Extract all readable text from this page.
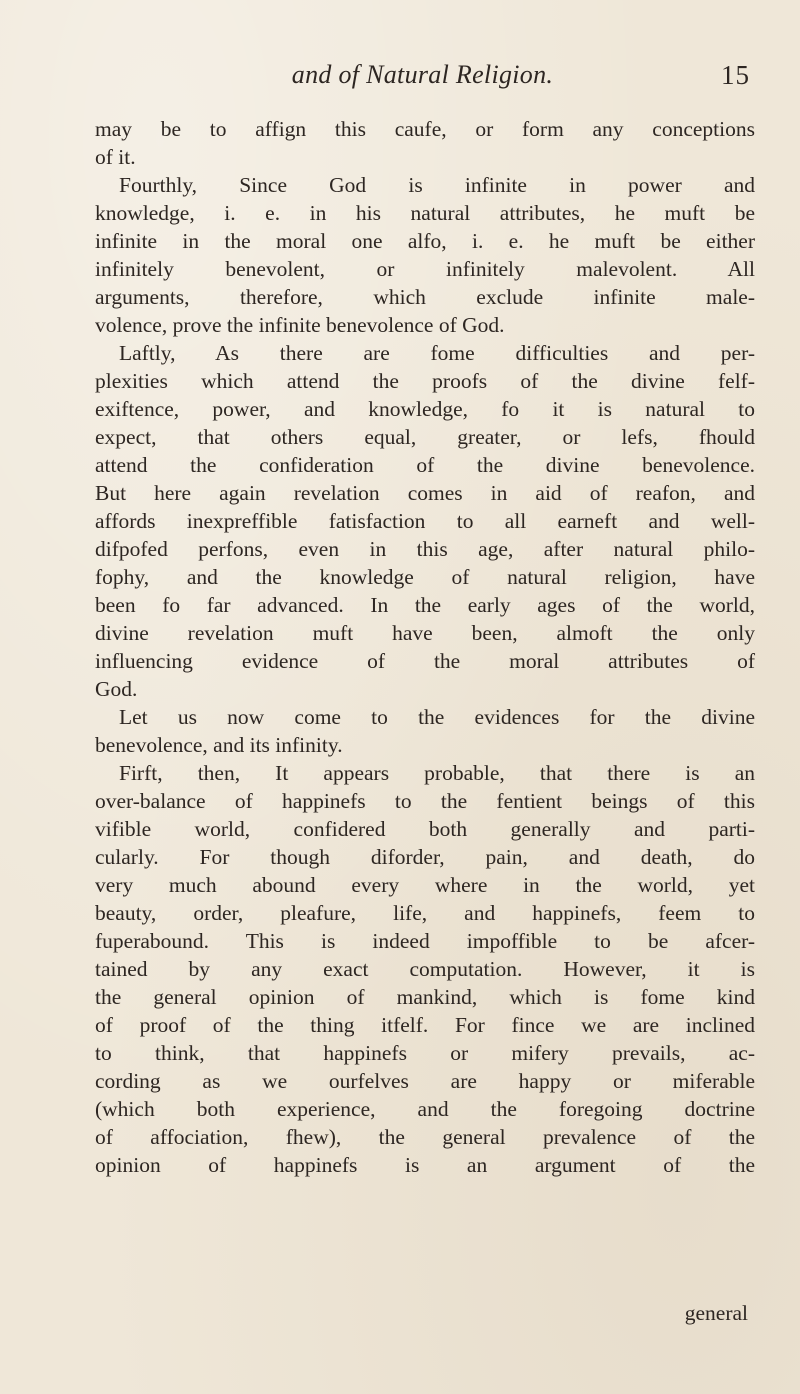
and of Natural Religion.	15
may be to affign this caufe, or form any conceptions
of it.
Fourthly, Since God is infinite in power and
knowledge, i. e. in his natural attributes, he muft be
infinite in the moral one alfo, i. e. he muft be either
infinitely benevolent, or infinitely malevolent. All
arguments, therefore, which exclude infinite male-
volence, prove the infinite benevolence of God.
Laftly, As there are fome difficulties and per-
plexities which attend the proofs of the divine felf-
exiftence, power, and knowledge, fo it is natural to
expect, that others equal, greater, or lefs, fhould
attend the confideration of the divine benevolence.
But here again revelation comes in aid of reafon, and
affords inexpreffible fatisfaction to all earneft and well-
difpofed perfons, even in this age, after natural philo-
fophy, and the knowledge of natural religion, have
been fo far advanced. In the early ages of the world,
divine revelation muft have been, almoft the only
influencing evidence of the moral attributes of
God.
Let us now come to the evidences for the divine
benevolence, and its infinity.
Firft, then, It appears probable, that there is an
over-balance of happinefs to the fentient beings of this
vifible world, confidered both generally and parti-
cularly. For though diforder, pain, and death, do
very much abound every where in the world, yet
beauty, order, pleafure, life, and happinefs, feem to
fuperabound. This is indeed impoffible to be afcer-
tained by any exact computation. However, it is
the general opinion of mankind, which is fome kind
of proof of the thing itfelf. For fince we are inclined
to think, that happinefs or mifery prevails, ac-
cording as we ourfelves are happy or miferable
(which both experience, and the foregoing doctrine
of affociation, fhew), the general prevalence of the
opinion of happinefs is an argument of the
general
